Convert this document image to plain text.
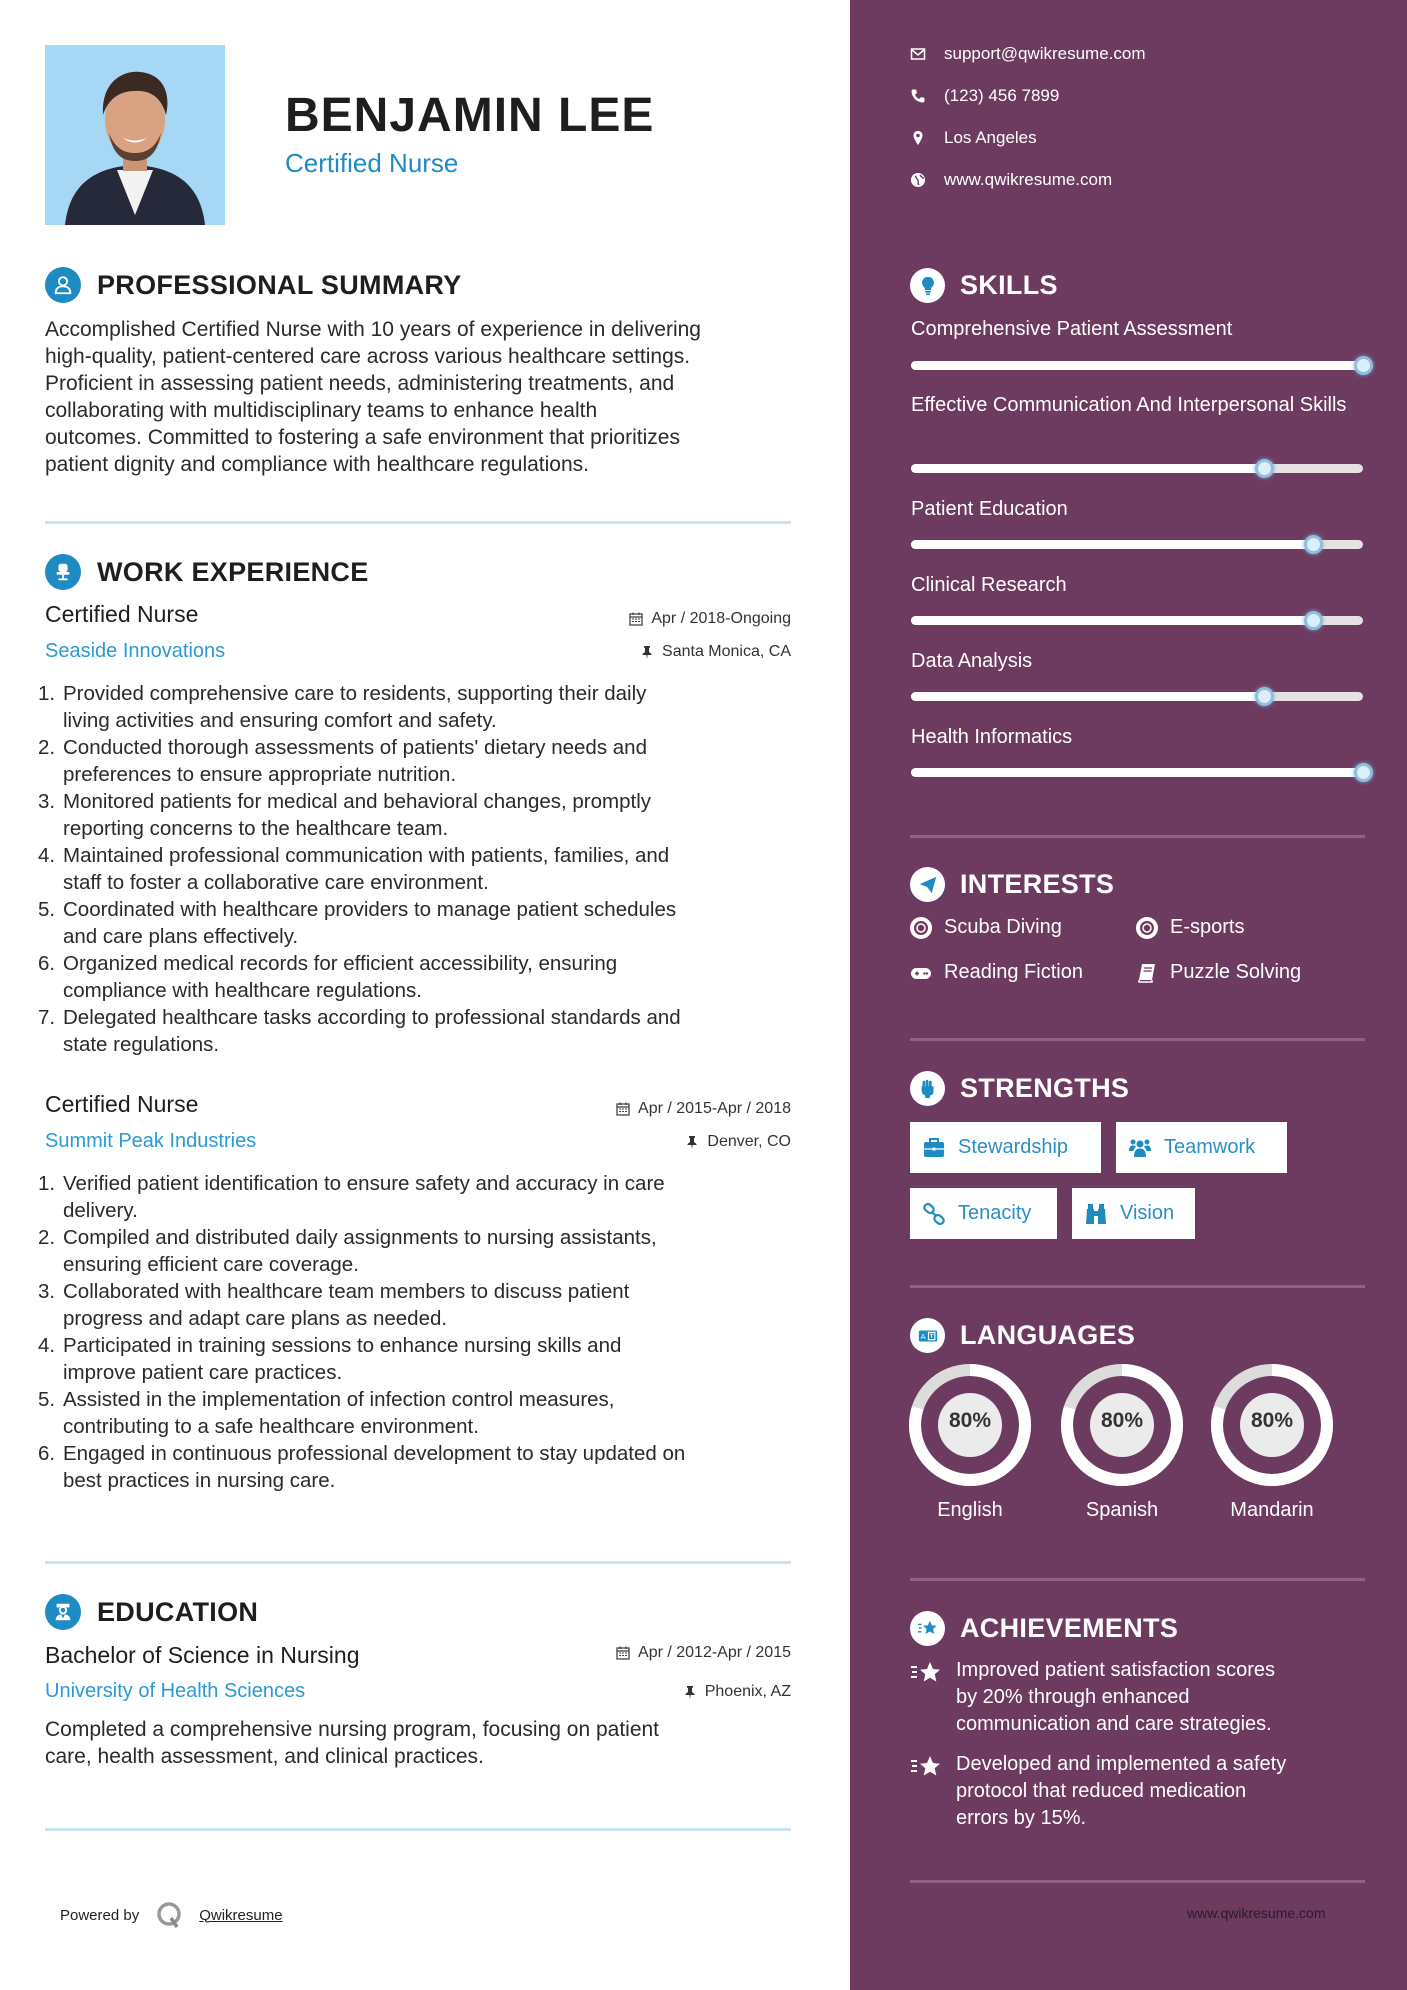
BENJAMIN LEE
Certified Nurse
PROFESSIONAL SUMMARY
Accomplished Certified Nurse with 10 years of experience in delivering
high-quality, patient-centered care across various healthcare settings.
Proficient in assessing patient needs, administering treatments, and
collaborating with multidisciplinary teams to enhance health
outcomes. Committed to fostering a safe environment that prioritizes
patient dignity and compliance with healthcare regulations.
WORK EXPERIENCE
Certified Nurse	Apr / 2018-Ongoing
Seaside Innovations	Santa Monica, CA
1. Provided comprehensive care to residents, supporting their daily
living activities and ensuring comfort and safety.
2. Conducted thorough assessments of patients' dietary needs and
preferences to ensure appropriate nutrition.
3. Monitored patients for medical and behavioral changes, promptly
reporting concerns to the healthcare team.
4. Maintained professional communication with patients, families, and
staff to foster a collaborative care environment.
5. Coordinated with healthcare providers to manage patient schedules
and care plans effectively.
6. Organized medical records for efficient accessibility, ensuring
compliance with healthcare regulations.
7. Delegated healthcare tasks according to professional standards and
state regulations.
Certified Nurse	Apr / 2015-Apr / 2018
Summit Peak Industries	Denver, CO
1. Verified patient identification to ensure safety and accuracy in care
delivery.
2. Compiled and distributed daily assignments to nursing assistants,
ensuring efficient care coverage.
3. Collaborated with healthcare team members to discuss patient
progress and adapt care plans as needed.
4. Participated in training sessions to enhance nursing skills and
improve patient care practices.
5. Assisted in the implementation of infection control measures,
contributing to a safe healthcare environment.
6. Engaged in continuous professional development to stay updated on
best practices in nursing care.
EDUCATION
Bachelor of Science in Nursing	Apr / 2012-Apr / 2015
University of Health Sciences	Phoenix, AZ
Completed a comprehensive nursing program, focusing on patient
care, health assessment, and clinical practices.
Powered by	Qwikresume
support@qwikresume.com
(123) 456 7899
Los Angeles
www.qwikresume.com
SKILLS
Comprehensive Patient Assessment
Effective Communication And Interpersonal Skills
Patient Education
Clinical Research
Data Analysis
Health Informatics
INTERESTS
Scuba Diving	E-sports
Reading Fiction	Puzzle Solving
STRENGTHS
Stewardship	Teamwork
Tenacity	Vision
A LANGUAGES
80%
English
80%
Spanish
80%
Mandarin
ACHIEVEMENTS
Improved patient satisfaction scores
by 20% through enhanced
communication and care strategies.
Developed and implemented a safety
protocol that reduced medication
errors by 15%.
www.qwikresume.com
